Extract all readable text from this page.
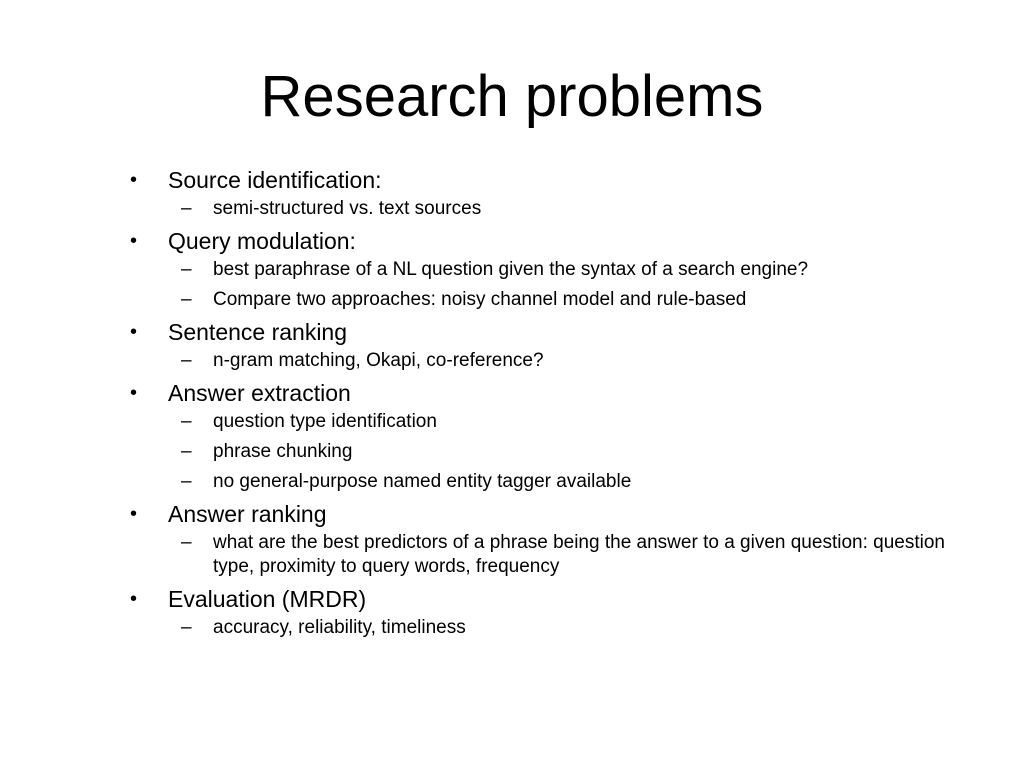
Research problems
•	Source identification:
–	semi-structured vs. text sources
•	Query modulation:
–	best paraphrase of a NL question given the syntax of a search engine?
–	Compare two approaches: noisy channel model and rule-based
•	Sentence ranking
–	n-gram matching, Okapi, co-reference?
•	Answer extraction
–	question type identification
–	phrase chunking
–	no general-purpose named entity tagger available
•	Answer ranking
–	what are the best predictors of a phrase being the answer to a given question: question type, proximity to query words, frequency
•	Evaluation (MRDR)
–	accuracy, reliability, timeliness
